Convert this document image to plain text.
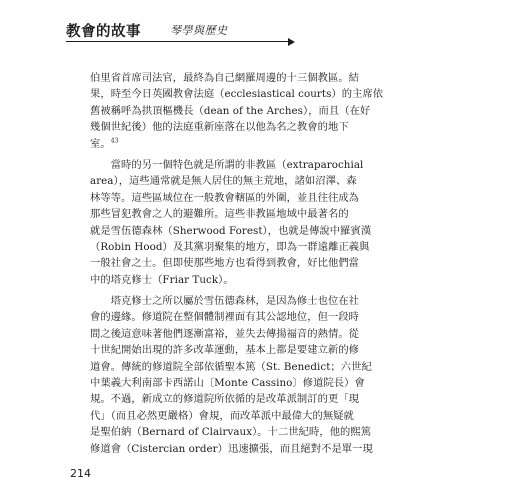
教會的故事	琴學與歷史
伯里省首席司法官，最終為自己網羅周邊的十三個教區。結
果，時至今日英國教會法庭（ecclesiastical courts）的主席依
舊被稱呼為拱頂樞機長（dean of the Arches），而且（在好
幾個世紀後）他的法庭重新座落在以他為名之教會的地下
室。$^{43}$
　　當時的另一個特色就是所謂的非教區（extraparochial
area），這些通常就是無人居住的無主荒地，諸如沼澤、森
林等等。這些區域位在一般教會轄區的外圍，並且往往成為
那些冒犯教會之人的避難所。這些非教區地域中最著名的
就是雪伍德森林（Sherwood Forest），也就是傳說中羅賓漢
（Robin Hood）及其黨羽聚集的地方，即為一群遠離正義與
一般社會之士。但即使那些地方也看得到教會，好比他們當
中的塔克修士（Friar Tuck）。
　　塔克修士之所以屬於雪伍德森林，是因為修士也位在社
會的邊緣。修道院在整個體制裡面有其公認地位，但一段時
間之後這意味著他們逐漸富裕，並失去傳揚福音的熱情。從
十世紀開始出現的許多改革運動，基本上都是要建立新的修
道會。傳統的修道院全部依循聖本篤（St. Benedict；六世紀
中葉義大利南部卡西諾山〔Monte Cassino〕修道院長）會
規。不過，新成立的修道院所依循的是改革派制訂的更「現
代」（而且必然更嚴格）會規，而改革派中最偉大的無疑就
是聖伯納（Bernard of Clairvaux）。十二世紀時，他的熙篤
修道會（Cistercian order）迅速擴張，而且絕對不是單一現
214
